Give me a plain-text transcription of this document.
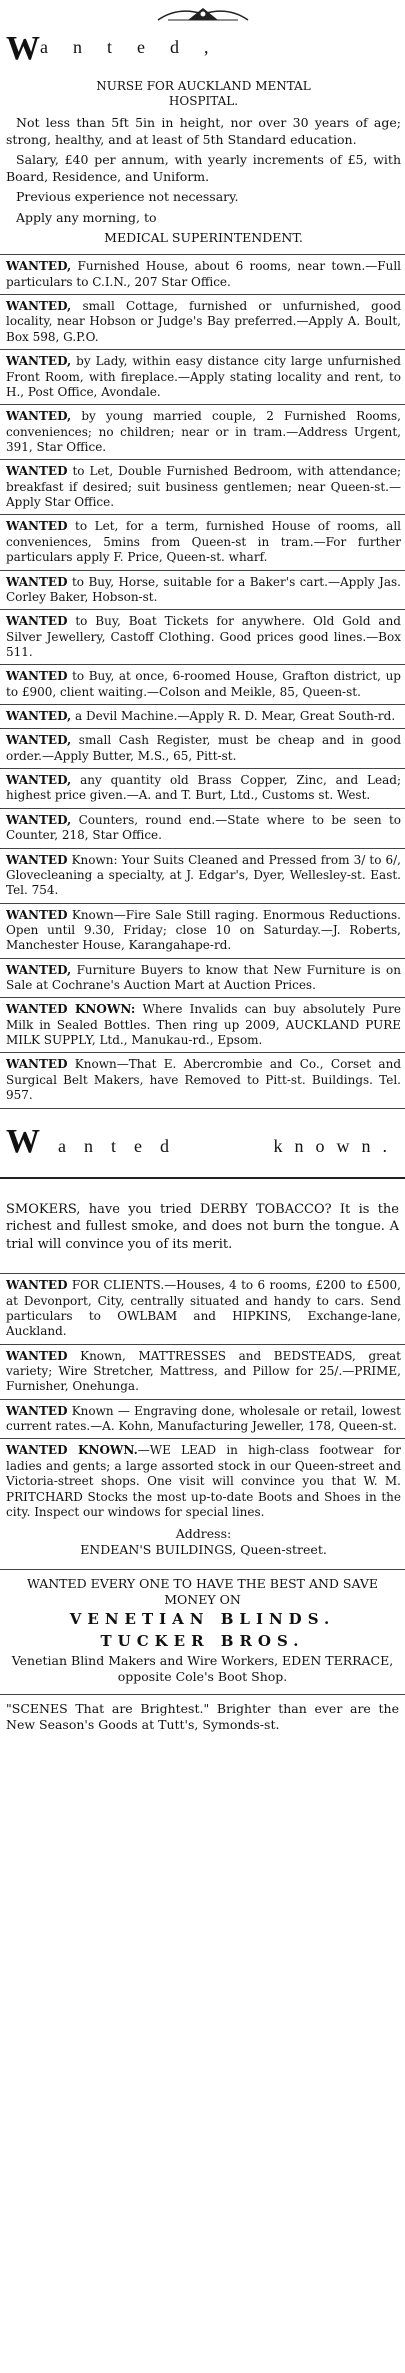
Wanted,
NURSE FOR AUCKLAND MENTAL
HOSPITAL.

Not less than 5ft 5in in height, nor over 30 years of age; strong, healthy, and at least of 5th Standard education.

Salary, £40 per annum, with yearly increments of £5, with Board, Residence, and Uniform.

Previous experience not necessary.

Apply any morning, to

MEDICAL SUPERINTENDENT.

WANTED, Furnished House, about 6 rooms, near town.—Full particulars to C.I.N., 207 Star Office.

WANTED, small Cottage, furnished or unfurnished, good locality, near Hobson or Judge's Bay preferred.—Apply A. Boult, Box 598, G.P.O.

WANTED, by Lady, within easy distance city large unfurnished Front Room, with fireplace.—Apply stating locality and rent, to H., Post Office, Avondale.

WANTED, by young married couple, 2 Furnished Rooms, conveniences; no children; near or in tram.—Address Urgent, 391, Star Office.

WANTED to Let, Double Furnished Bedroom, with attendance; breakfast if desired; suit business gentlemen; near Queen-st.—Apply Star Office.

WANTED to Let, for a term, furnished House of rooms, all conveniences, 5mins from Queen-st in tram.—For further particulars apply F. Price, Queen-st. wharf.

WANTED to Buy, Horse, suitable for a Baker's cart.—Apply Jas. Corley Baker, Hobson-st.

WANTED to Buy, Boat Tickets for anywhere. Old Gold and Silver Jewellery, Castoff Clothing. Good prices good lines.—Box 511.

WANTED to Buy, at once, 6-roomed House, Grafton district, up to £900, client waiting.—Colson and Meikle, 85, Queen-st.

WANTED, a Devil Machine.—Apply R. D. Mear, Great South-rd.

WANTED, small Cash Register, must be cheap and in good order.—Apply Butter, M.S., 65, Pitt-st.

WANTED, any quantity old Brass Copper, Zinc, and Lead; highest price given.—A. and T. Burt, Ltd., Customs st. West.

WANTED, Counters, round end.—State where to be seen to Counter, 218, Star Office.

WANTED Known: Your Suits Cleaned and Pressed from 3/ to 6/, Glovecleaning a specialty, at J. Edgar's, Dyer, Wellesley-st. East. Tel. 754.

WANTED Known—Fire Sale Still raging. Enormous Reductions. Open until 9.30, Friday; close 10 on Saturday.—J. Roberts, Manchester House, Karangahape-rd.

WANTED, Furniture Buyers to know that New Furniture is on Sale at Cochrane's Auction Mart at Auction Prices.

WANTED KNOWN: Where Invalids can buy absolutely Pure Milk in Sealed Bottles. Then ring up 2009, AUCKLAND PURE MILK SUPPLY, Ltd., Manukau-rd., Epsom.

WANTED Known—That E. Abercrombie and Co., Corset and Surgical Belt Makers, have Removed to Pitt-st. Buildings. Tel. 957.

Wanted	known.
SMOKERS, have you tried DERBY TOBACCO? It is the richest and fullest smoke, and does not burn the tongue. A trial will convince you of its merit.

WANTED FOR CLIENTS.—Houses, 4 to 6 rooms, £200 to £500, at Devonport, City, centrally situated and handy to cars. Send particulars to OWLBAM and HIPKINS, Exchange-lane, Auckland.

WANTED Known, MATTRESSES and BEDSTEADS, great variety; Wire Stretcher, Mattress, and Pillow for 25/.—PRIME, Furnisher, Onehunga.

WANTED Known — Engraving done, wholesale or retail, lowest current rates.—A. Kohn, Manufacturing Jeweller, 178, Queen-st.

WANTED KNOWN.—WE LEAD in high-class footwear for ladies and gents; a large assorted stock in our Queen-street and Victoria-street shops. One visit will convince you that W. M. PRITCHARD Stocks the most up-to-date Boots and Shoes in the city. Inspect our windows for special lines.

Address:
ENDEAN'S BUILDINGS, Queen-street.
WANTED EVERY ONE TO HAVE THE BEST AND SAVE MONEY ON
VENETIAN BLINDS.
TUCKER BROS.
Venetian Blind Makers and Wire Workers, EDEN TERRACE, opposite Cole's Boot Shop.
"SCENES That are Brightest." Brighter than ever are the New Season's Goods at Tutt's, Symonds-st.
